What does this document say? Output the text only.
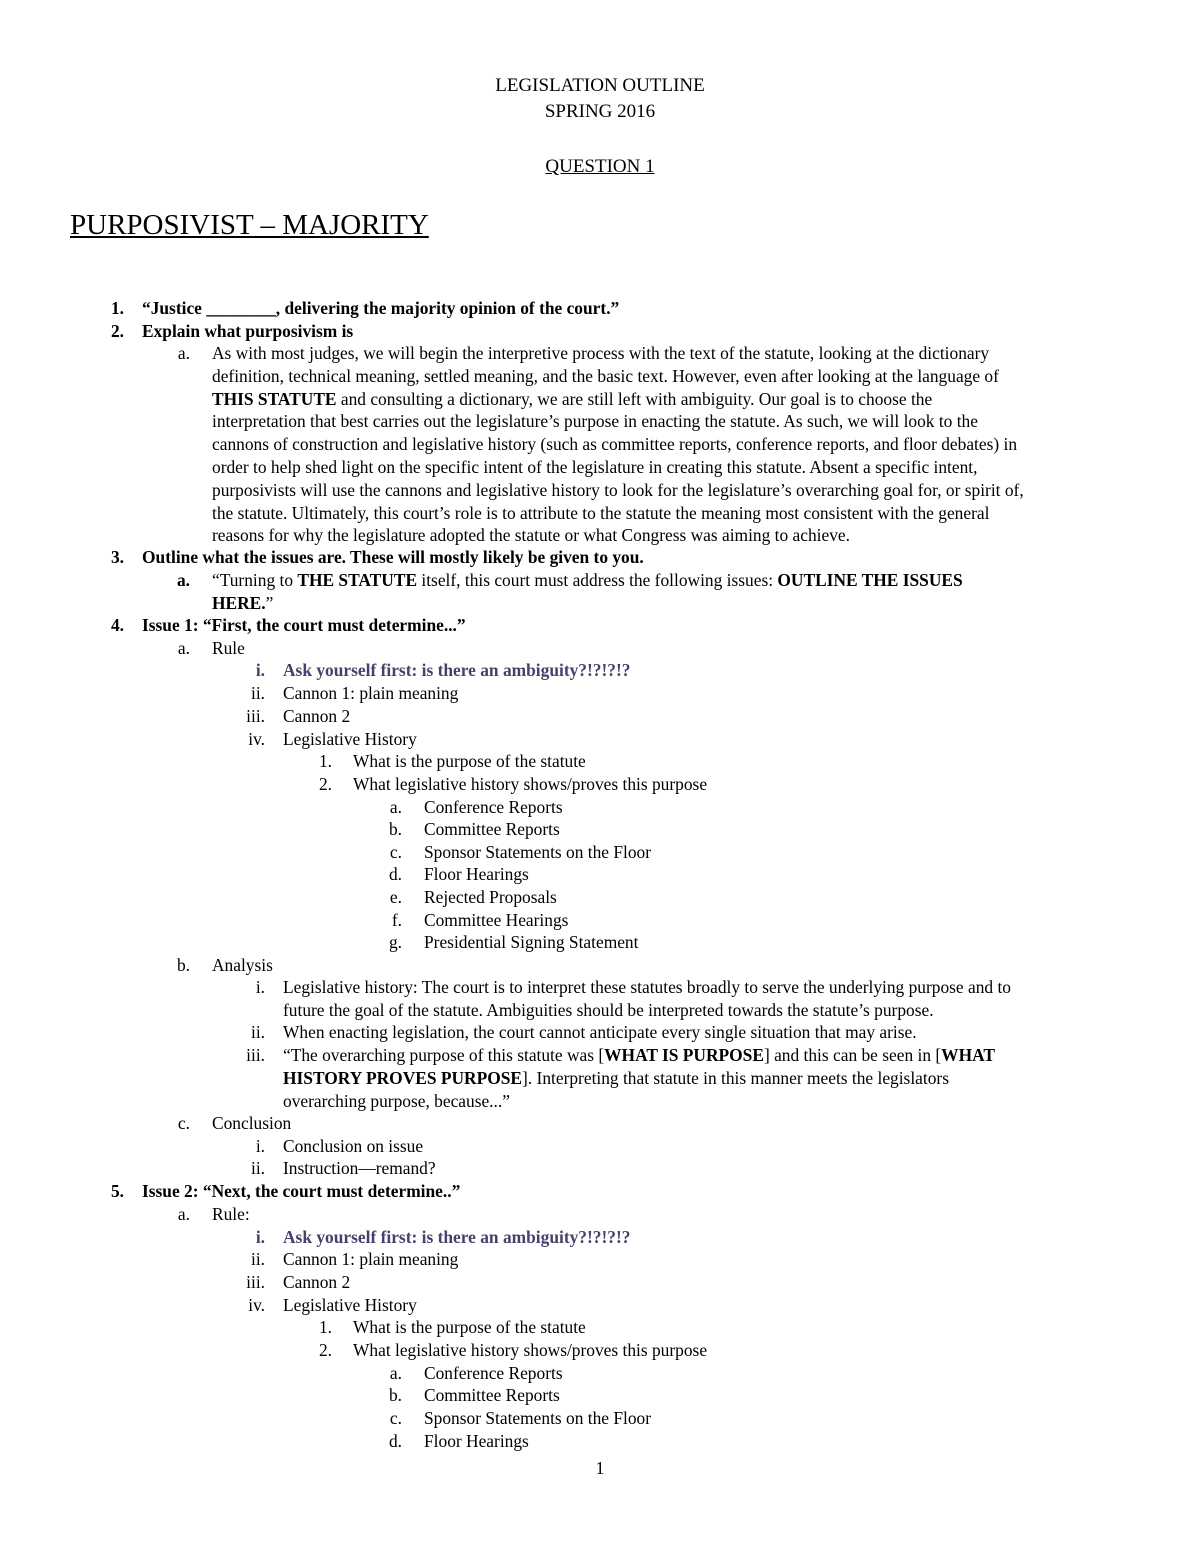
LEGISLATION OUTLINE
SPRING 2016
QUESTION 1
PURPOSIVIST – MAJORITY
1. “Justice ________, delivering the majority opinion of the court.”
2. Explain what purposivism is
a. As with most judges, we will begin the interpretive process with the text of the statute, looking at the dictionary
definition, technical meaning, settled meaning, and the basic text. However, even after looking at the language of
THIS STATUTE and consulting a dictionary, we are still left with ambiguity. Our goal is to choose the
interpretation that best carries out the legislature’s purpose in enacting the statute. As such, we will look to the
cannons of construction and legislative history (such as committee reports, conference reports, and floor debates) in
order to help shed light on the specific intent of the legislature in creating this statute. Absent a specific intent,
purposivists will use the cannons and legislative history to look for the legislature’s overarching goal for, or spirit of,
the statute. Ultimately, this court’s role is to attribute to the statute the meaning most consistent with the general
reasons for why the legislature adopted the statute or what Congress was aiming to achieve.
3. Outline what the issues are. These will mostly likely be given to you.
a. “Turning to THE STATUTE itself, this court must address the following issues: OUTLINE THE ISSUES
HERE.”
4. Issue 1: “First, the court must determine...”
a. Rule
i. Ask yourself first: is there an ambiguity?!?!?!?
ii. Cannon 1: plain meaning
iii. Cannon 2
iv. Legislative History
1. What is the purpose of the statute
2. What legislative history shows/proves this purpose
a. Conference Reports
b. Committee Reports
c. Sponsor Statements on the Floor
d. Floor Hearings
e. Rejected Proposals
f. Committee Hearings
g. Presidential Signing Statement
b. Analysis
i. Legislative history: The court is to interpret these statutes broadly to serve the underlying purpose and to
future the goal of the statute. Ambiguities should be interpreted towards the statute’s purpose.
ii. When enacting legislation, the court cannot anticipate every single situation that may arise.
iii. “The overarching purpose of this statute was [WHAT IS PURPOSE] and this can be seen in [WHAT
HISTORY PROVES PURPOSE]. Interpreting that statute in this manner meets the legislators
overarching purpose, because...”
c. Conclusion
i. Conclusion on issue
ii. Instruction—remand?
5. Issue 2: “Next, the court must determine..”
a. Rule:
i. Ask yourself first: is there an ambiguity?!?!?!?
ii. Cannon 1: plain meaning
iii. Cannon 2
iv. Legislative History
1. What is the purpose of the statute
2. What legislative history shows/proves this purpose
a. Conference Reports
b. Committee Reports
c. Sponsor Statements on the Floor
d. Floor Hearings
1
